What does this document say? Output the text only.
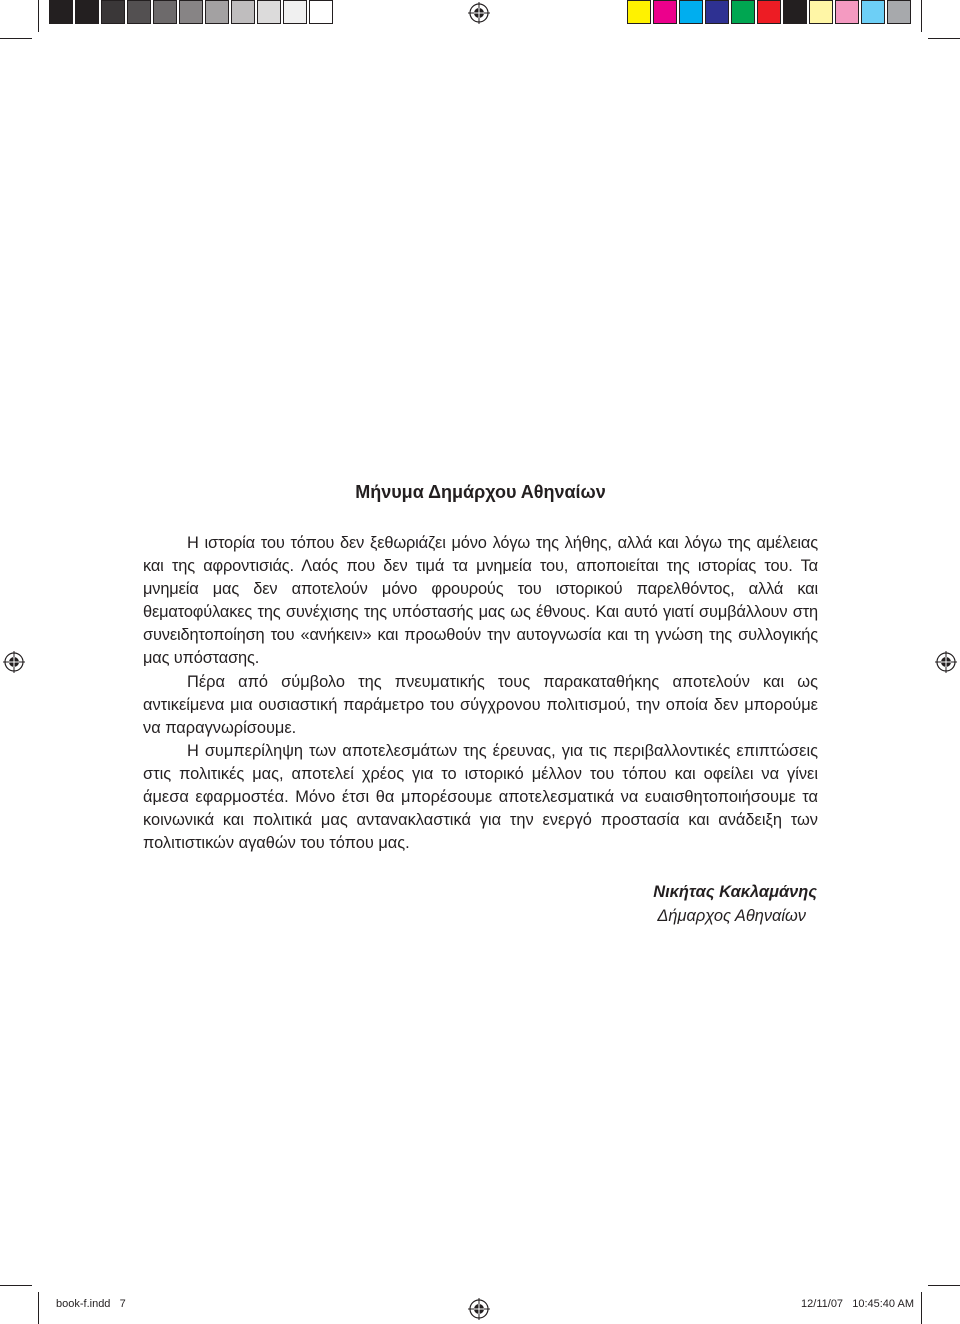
Μήνυμα Δημάρχου Αθηναίων

Η ιστορία του τόπου δεν ξεθωριάζει μόνο λόγω της λήθης, αλλά και λόγω της αμέλειας και της αφροντισιάς. Λαός που δεν τιμά τα μνημεία του, αποποιείται της ιστορίας του. Τα μνημεία μας δεν αποτελούν μόνο φρουρούς του ιστορικού παρελθόντος, αλλά και θεματοφύλακες της συνέχισης της υπόστασής μας ως έθνους. Και αυτό γιατί συμβάλλουν στη συνειδητοποίηση του «ανήκειν» και προωθούν την αυτογνωσία και τη γνώση της συλλογικής μας υπόστασης.

Πέρα από σύμβολο της πνευματικής τους παρακαταθήκης αποτελούν και ως αντικείμενα μια ουσιαστική παράμετρο του σύγχρονου πολιτισμού, την οποία δεν μπορούμε να παραγνωρίσουμε.

Η συμπερίληψη των αποτελεσμάτων της έρευνας, για τις περιβαλλοντικές επιπτώσεις στις πολιτικές μας, αποτελεί χρέος για το ιστορικό μέλλον του τόπου και οφείλει να γίνει άμεσα εφαρμοστέα. Μόνο έτσι θα μπορέσουμε αποτελεσματικά να ευαισθητοποιήσουμε τα κοινωνικά και πολιτικά μας αντανακλαστικά για την ενεργό προστασία και ανάδειξη των πολιτιστικών αγαθών του τόπου μας.

Νικήτας Κακλαμάνης
Δήμαρχος Αθηναίων
book-f.indd   7	12/11/07   10:45:40 AM
